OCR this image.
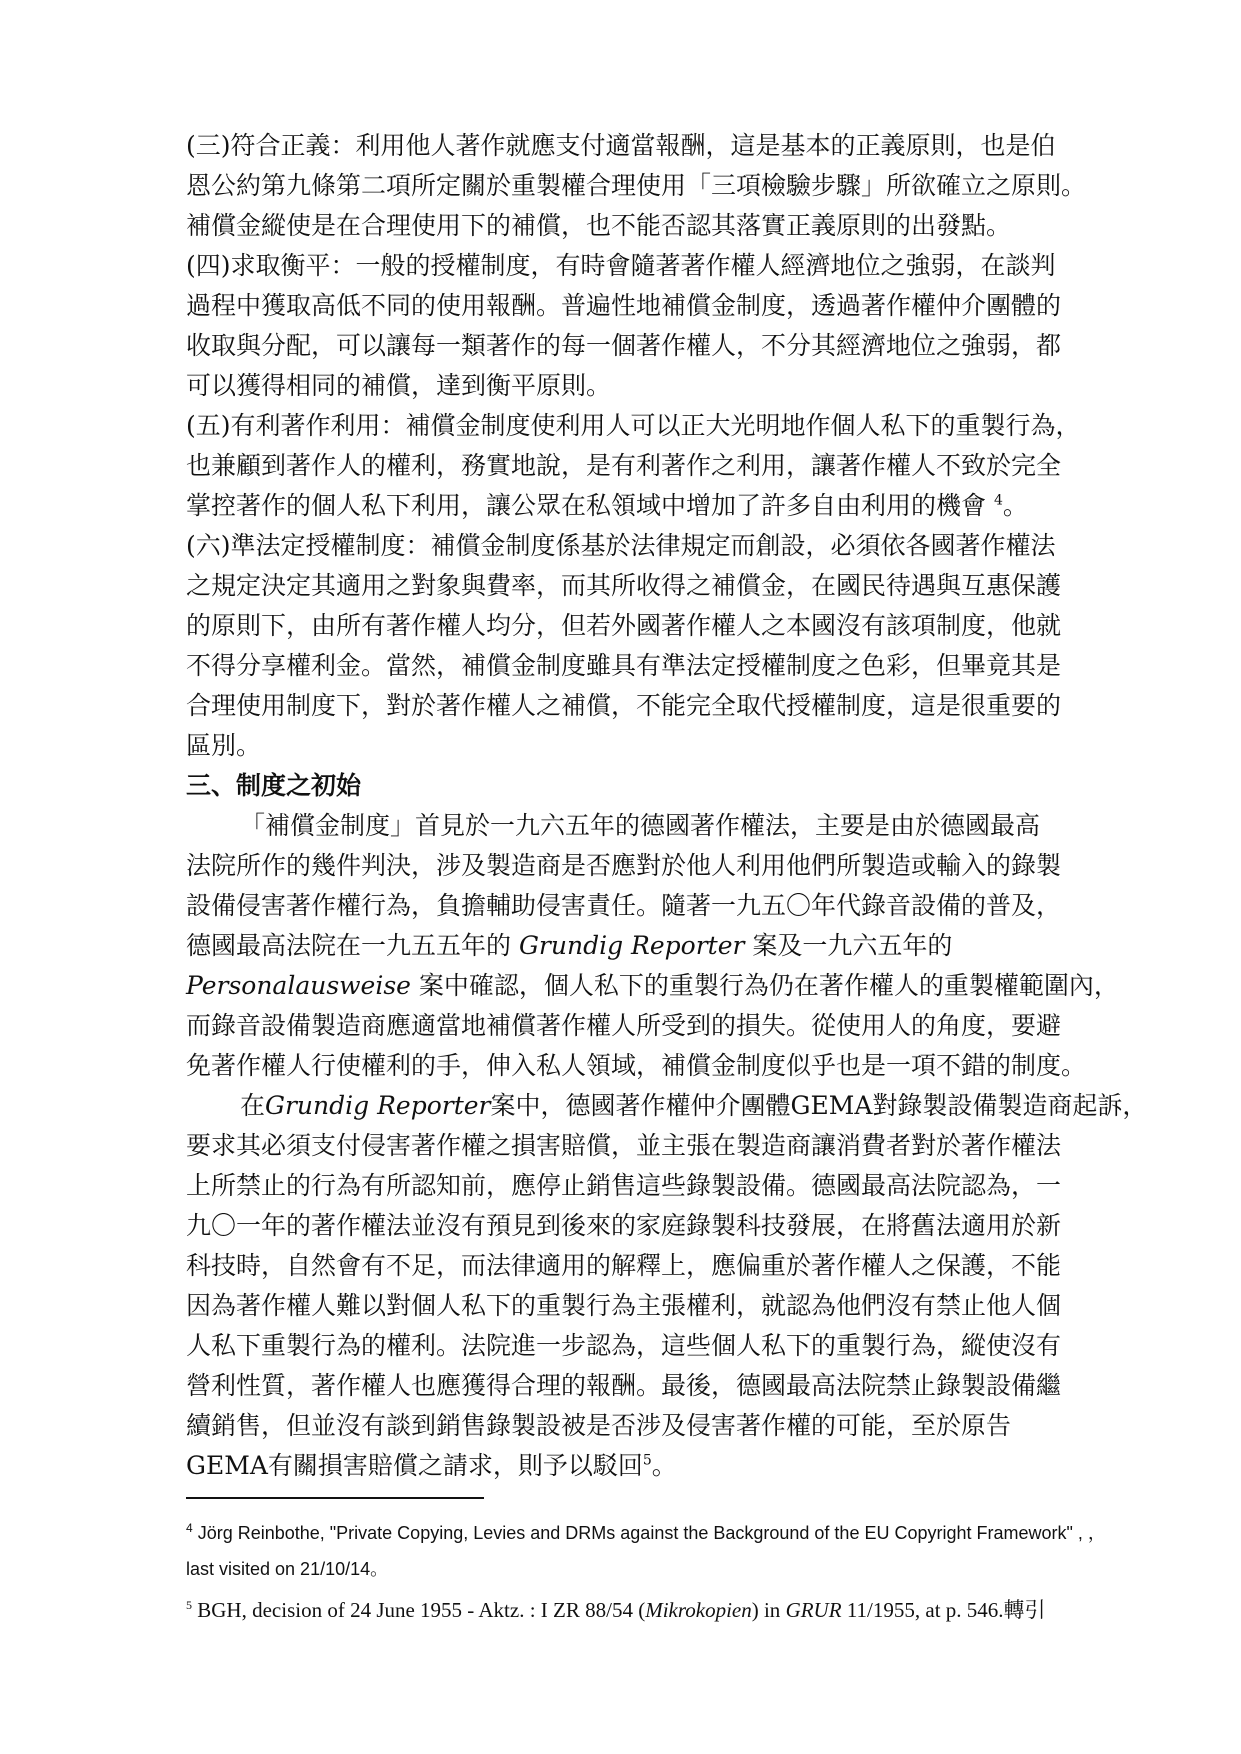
(三)符合正義：利用他人著作就應支付適當報酬，這是基本的正義原則，也是伯
恩公約第九條第二項所定關於重製權合理使用「三項檢驗步驟」所欲確立之原則。
補償金縱使是在合理使用下的補償，也不能否認其落實正義原則的出發點。
(四)求取衡平：一般的授權制度，有時會隨著著作權人經濟地位之強弱，在談判
過程中獲取高低不同的使用報酬。普遍性地補償金制度，透過著作權仲介團體的
收取與分配，可以讓每一類著作的每一個著作權人，不分其經濟地位之強弱，都
可以獲得相同的補償，達到衡平原則。
(五)有利著作利用：補償金制度使利用人可以正大光明地作個人私下的重製行為，
也兼顧到著作人的權利，務實地說，是有利著作之利用，讓著作權人不致於完全
掌控著作的個人私下利用，讓公眾在私領域中增加了許多自由利用的機會 $^4$。
(六)準法定授權制度：補償金制度係基於法律規定而創設，必須依各國著作權法
之規定決定其適用之對象與費率，而其所收得之補償金，在國民待遇與互惠保護
的原則下，由所有著作權人均分，但若外國著作權人之本國沒有該項制度，他就
不得分享權利金。當然，補償金制度雖具有準法定授權制度之色彩，但畢竟其是
合理使用制度下，對於著作權人之補償，不能完全取代授權制度，這是很重要的
區別。
三、制度之初始
「補償金制度」首見於一九六五年的德國著作權法，主要是由於德國最高
法院所作的幾件判決，涉及製造商是否應對於他人利用他們所製造或輸入的錄製
設備侵害著作權行為，負擔輔助侵害責任。隨著一九五〇年代錄音設備的普及，
德國最高法院在一九五五年的 Grundig Reporter 案及一九六五年的
Personalausweise 案中確認，個人私下的重製行為仍在著作權人的重製權範圍內，
而錄音設備製造商應適當地補償著作權人所受到的損失。從使用人的角度，要避
免著作權人行使權利的手，伸入私人領域，補償金制度似乎也是一項不錯的制度。
在Grundig Reporter案中，德國著作權仲介團體GEMA對錄製設備製造商起訴，
要求其必須支付侵害著作權之損害賠償，並主張在製造商讓消費者對於著作權法
上所禁止的行為有所認知前，應停止銷售這些錄製設備。德國最高法院認為，一
九〇一年的著作權法並沒有預見到後來的家庭錄製科技發展，在將舊法適用於新
科技時，自然會有不足，而法律適用的解釋上，應偏重於著作權人之保護，不能
因為著作權人難以對個人私下的重製行為主張權利，就認為他們沒有禁止他人個
人私下重製行為的權利。法院進一步認為，這些個人私下的重製行為，縱使沒有
營利性質，著作權人也應獲得合理的報酬。最後，德國最高法院禁止錄製設備繼
續銷售，但並沒有談到銷售錄製設被是否涉及侵害著作權的可能，至於原告
GEMA有關損害賠償之請求，則予以駁回$^5$。
$^4$ Jörg Reinbothe, "Private Copying, Levies and DRMs against the Background of the EU Copyright Framework" , ，
last visited on 21/10/14。
$^5$ BGH, decision of 24 June 1955 - Aktz. : I ZR 88/54 (Mikrokopien) in GRUR 11/1955, at p. 546.轉引
